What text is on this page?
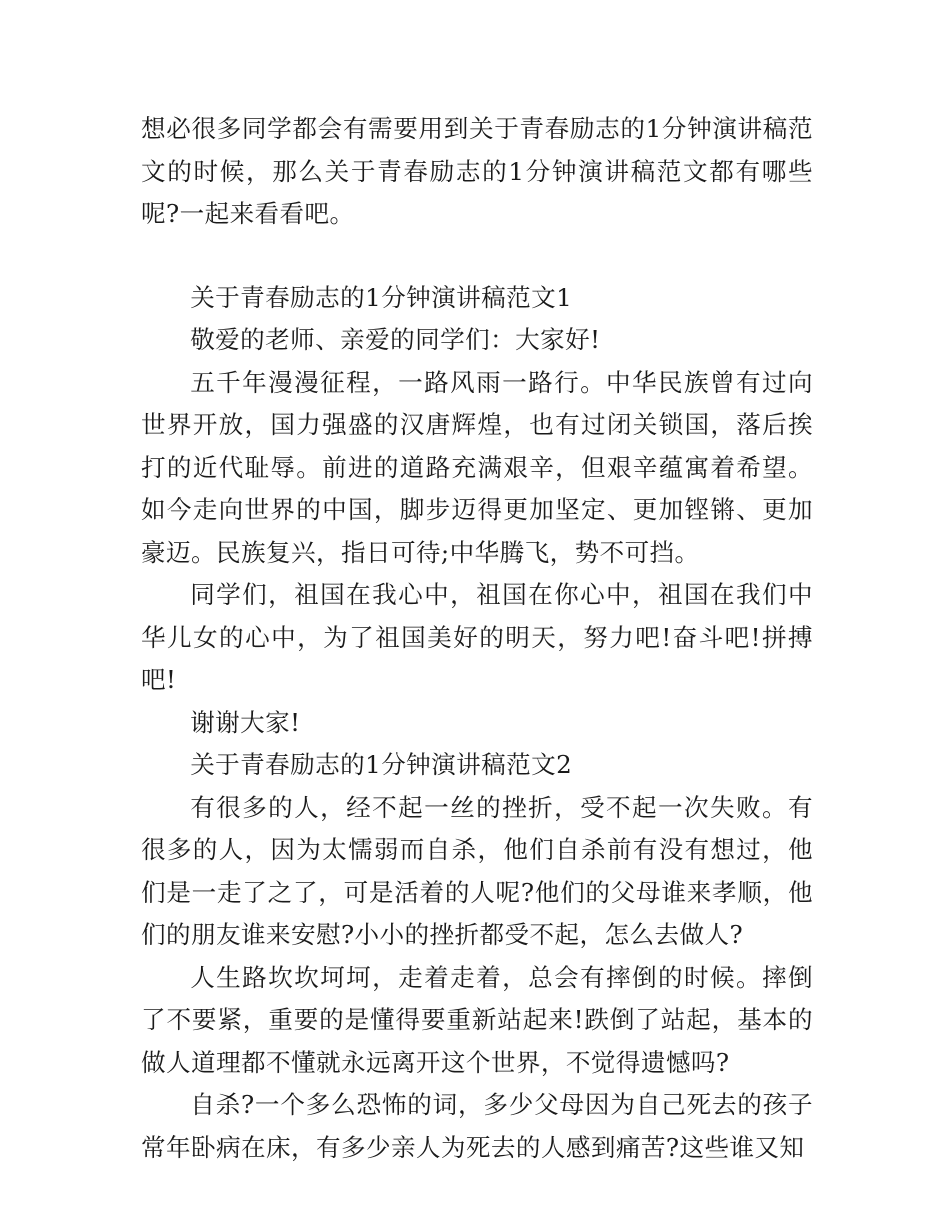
想必很多同学都会有需要用到关于青春励志的1分钟演讲稿范文的时候，那么关于青春励志的1分钟演讲稿范文都有哪些呢?一起来看看吧。

关于青春励志的1分钟演讲稿范文1

敬爱的老师、亲爱的同学们：大家好!

五千年漫漫征程，一路风雨一路行。中华民族曾有过向世界开放，国力强盛的汉唐辉煌，也有过闭关锁国，落后挨打的近代耻辱。前进的道路充满艰辛，但艰辛蕴寓着希望。如今走向世界的中国，脚步迈得更加坚定、更加铿锵、更加豪迈。民族复兴，指日可待;中华腾飞，势不可挡。

同学们，祖国在我心中，祖国在你心中，祖国在我们中华儿女的心中，为了祖国美好的明天，努力吧!奋斗吧!拼搏吧!

谢谢大家!

关于青春励志的1分钟演讲稿范文2

有很多的人，经不起一丝的挫折，受不起一次失败。有很多的人，因为太懦弱而自杀，他们自杀前有没有想过，他们是一走了之了，可是活着的人呢?他们的父母谁来孝顺，他们的朋友谁来安慰?小小的挫折都受不起，怎么去做人?

人生路坎坎坷坷，走着走着，总会有摔倒的时候。摔倒了不要紧，重要的是懂得要重新站起来!跌倒了站起，基本的做人道理都不懂就永远离开这个世界，不觉得遗憾吗?

自杀?一个多么恐怖的词，多少父母因为自己死去的孩子常年卧病在床，有多少亲人为死去的人感到痛苦?这些谁又知
